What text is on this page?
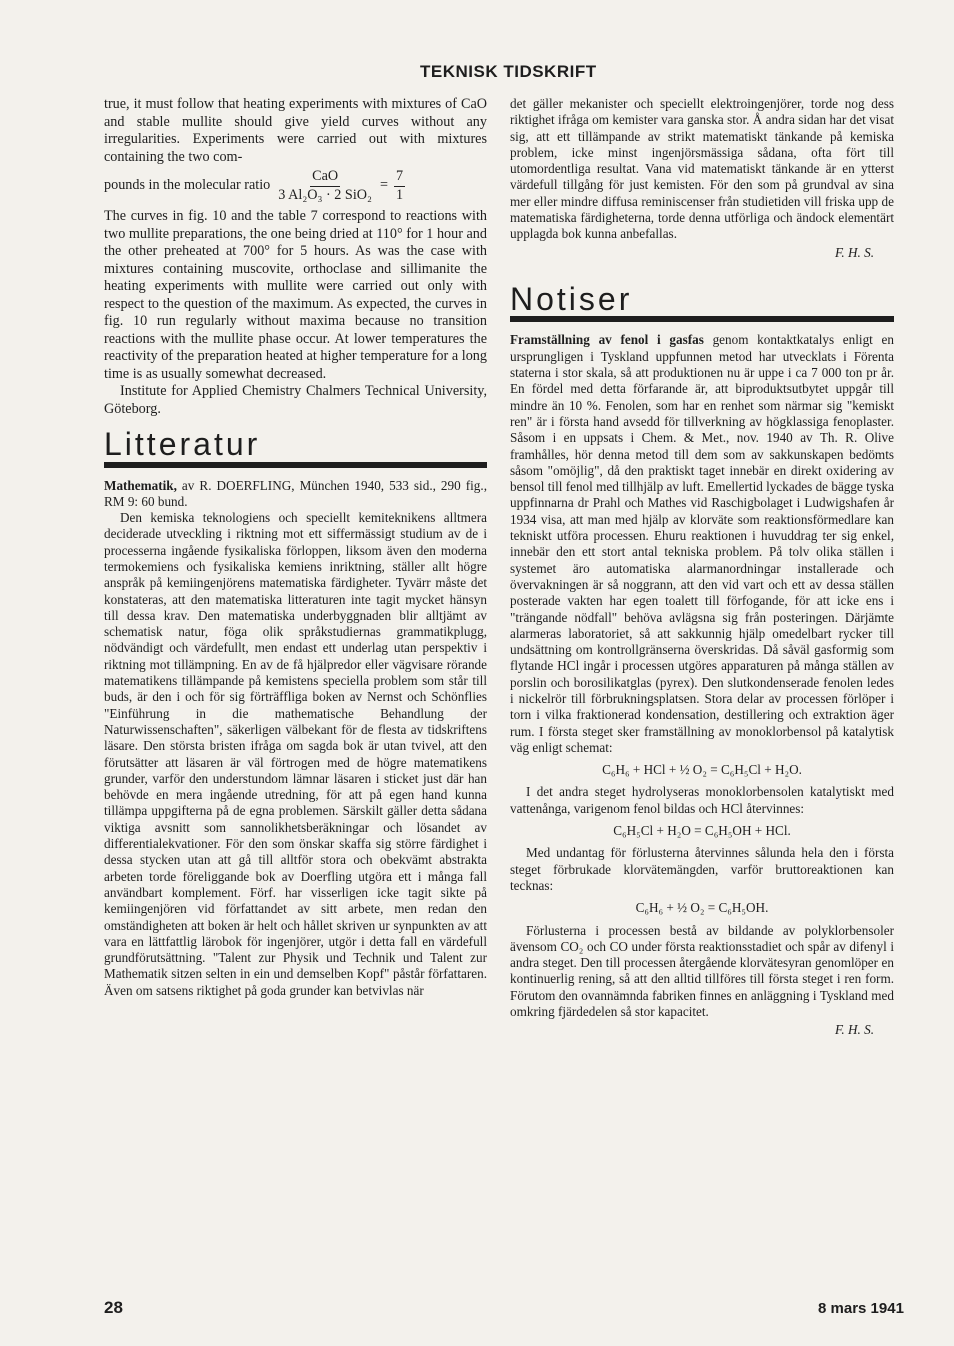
TEKNISK TIDSKRIFT

true, it must follow that heating experiments with mixtures of CaO and stable mullite should give yield curves without any irregularities. Experiments were carried out with mixtures containing the two com-

pounds in the molecular ratio $\frac{\text{CaO}}{\text{3 Al₂O₃ · 2 SiO₂}} = \frac{7}{1}$

The curves in fig. 10 and the table 7 correspond to reactions with two mullite preparations, the one being dried at 110° for 1 hour and the other preheated at 700° for 5 hours. As was the case with mixtures containing muscovite, orthoclase and sillimanite the heating experiments with mullite were carried out only with respect to the question of the maximum. As expected, the curves in fig. 10 run regularly without maxima because no transition reactions with the mullite phase occur. At lower temperatures the reactivity of the preparation heated at higher temperature for a long time is as usually somewhat decreased.

Institute for Applied Chemistry Chalmers Technical University, Göteborg.

Litteratur

Mathematik, av R. DOERFLING, München 1940, 533 sid., 290 fig., RM 9: 60 bund.

Den kemiska teknologiens och speciellt kemiteknikens alltmera deciderade utveckling i riktning mot ett siffermässigt studium av de i processerna ingående fysikaliska förloppen, liksom även den moderna termokemiens och fysikaliska kemiens inriktning, ställer allt högre anspråk på kemiingenjörens matematiska färdigheter. Tyvärr måste det konstateras, att den matematiska litteraturen inte tagit mycket hänsyn till dessa krav. Den matematiska underbyggnaden blir alltjämt av schematisk natur, föga olik språkstudiernas grammatikplugg, nödvändigt och värdefullt, men endast ett underlag utan perspektiv i riktning mot tillämpning. En av de få hjälpredor eller vägvisare rörande matematikens tillämpande på kemistens speciella problem som står till buds, är den i och för sig förträffliga boken av Nernst och Schönflies "Einführung in die mathematische Behandlung der Naturwissenschaften", säkerligen välbekant för de flesta av tidskriftens läsare. Den största bristen ifråga om sagda bok är utan tvivel, att den förutsätter att läsaren är väl förtrogen med de högre matematikens grunder, varför den understundom lämnar läsaren i sticket just där han behövde en mera ingående utredning, för att på egen hand kunna tillämpa uppgifterna på de egna problemen. Särskilt gäller detta sådana viktiga avsnitt som sannolikhetsberäkningar och lösandet av differentialekvationer. För den som önskar skaffa sig större färdighet i dessa stycken utan att gå till alltför stora och obekvämt abstrakta arbeten torde föreliggande bok av Doerfling utgöra ett i många fall användbart komplement. Förf. har visserligen icke tagit sikte på kemiingenjören vid författandet av sitt arbete, men redan den omständigheten att boken är helt och hållet skriven ur synpunkten av att vara en lättfattlig lärobok för ingenjörer, utgör i detta fall en värdefull grundförutsättning. "Talent zur Physik und Technik und Talent zur Mathematik sitzen selten in ein und demselben Kopf" påstår författaren. Även om satsens riktighet på goda grunder kan betvivlas när

det gäller mekanister och speciellt elektroingenjörer, torde nog dess riktighet ifråga om kemister vara ganska stor. Å andra sidan har det visat sig, att ett tillämpande av strikt matematiskt tänkande på kemiska problem, icke minst ingenjörsmässiga sådana, ofta fört till utomordentliga resultat. Vana vid matematiskt tänkande är en ytterst värdefull tillgång för just kemisten. För den som på grundval av sina mer eller mindre diffusa reminiscenser från studietiden vill friska upp de matematiska färdigheterna, torde denna utförliga och ändock elementärt upplagda bok kunna anbefallas.

F. H. S.
Notiser

Framställning av fenol i gasfas genom kontaktkatalys enligt en ursprungligen i Tyskland uppfunnen metod har utvecklats i Förenta staterna i stor skala, så att produktionen nu är uppe i ca 7 000 ton pr år. En fördel med detta förfarande är, att biproduktsutbytet uppgår till mindre än 10 %. Fenolen, som har en renhet som närmar sig "kemiskt ren" är i första hand avsedd för tillverkning av högklassiga fenoplaster. Såsom i en uppsats i Chem. & Met., nov. 1940 av Th. R. Olive framhålles, hör denna metod till dem som av sakkunskapen bedömts såsom "omöjlig", då den praktiskt taget innebär en direkt oxidering av bensol till fenol med tillhjälp av luft. Emellertid lyckades de bägge tyska uppfinnarna dr Prahl och Mathes vid Raschigbolaget i Ludwigshafen år 1934 visa, att man med hjälp av klorväte som reaktionsförmedlare kan tekniskt utföra processen. Ehuru reaktionen i huvuddrag ter sig enkel, innebär den ett stort antal tekniska problem. På tolv olika ställen i systemet äro automatiska alarmanordningar installerade och övervakningen är så noggrann, att den vid vart och ett av dessa ställen posterade vakten har egen toalett till förfogande, för att icke ens i "trängande nödfall" behöva avlägsna sig från posteringen. Därjämte alarmeras laboratoriet, så att sakkunnig hjälp omedelbart rycker till undsättning om kontrollgränserna överskridas. Då såväl gasformig som flytande HCl ingår i processen utgöres apparaturen på många ställen av porslin och borosilikatglas (pyrex). Den slutkondenserade fenolen ledes i nickelrör till förbrukningsplatsen. Stora delar av processen förlöper i torn i vilka fraktionerad kondensation, destillering och extraktion äger rum. I första steget sker framställning av monoklorbensol på katalytisk väg enligt schemat:

C₆H₆ + HCl + ½ O₂ = C₆H₅Cl + H₂O.

I det andra steget hydrolyseras monoklorbensolen katalytiskt med vattenånga, varigenom fenol bildas och HCl återvinnes:

C₆H₅Cl + H₂O = C₆H₅OH + HCl.

Med undantag för förlusterna återvinnes sålunda hela den i första steget förbrukade klorvätemängden, varför bruttoreaktionen kan tecknas:

C₆H₆ + ½ O₂ = C₆H₅OH.

Förlusterna i processen bestå av bildande av polyklorbensoler ävensom CO₂ och CO under första reaktionsstadiet och spår av difenyl i andra steget. Den till processen återgående klorvätesyran genomlöper en kontinuerlig rening, så att den alltid tillföres till första steget i ren form. Förutom den ovannämnda fabriken finnes en anläggning i Tyskland med omkring fjärdedelen så stor kapacitet.

F. H. S.
28	8 mars 1941
